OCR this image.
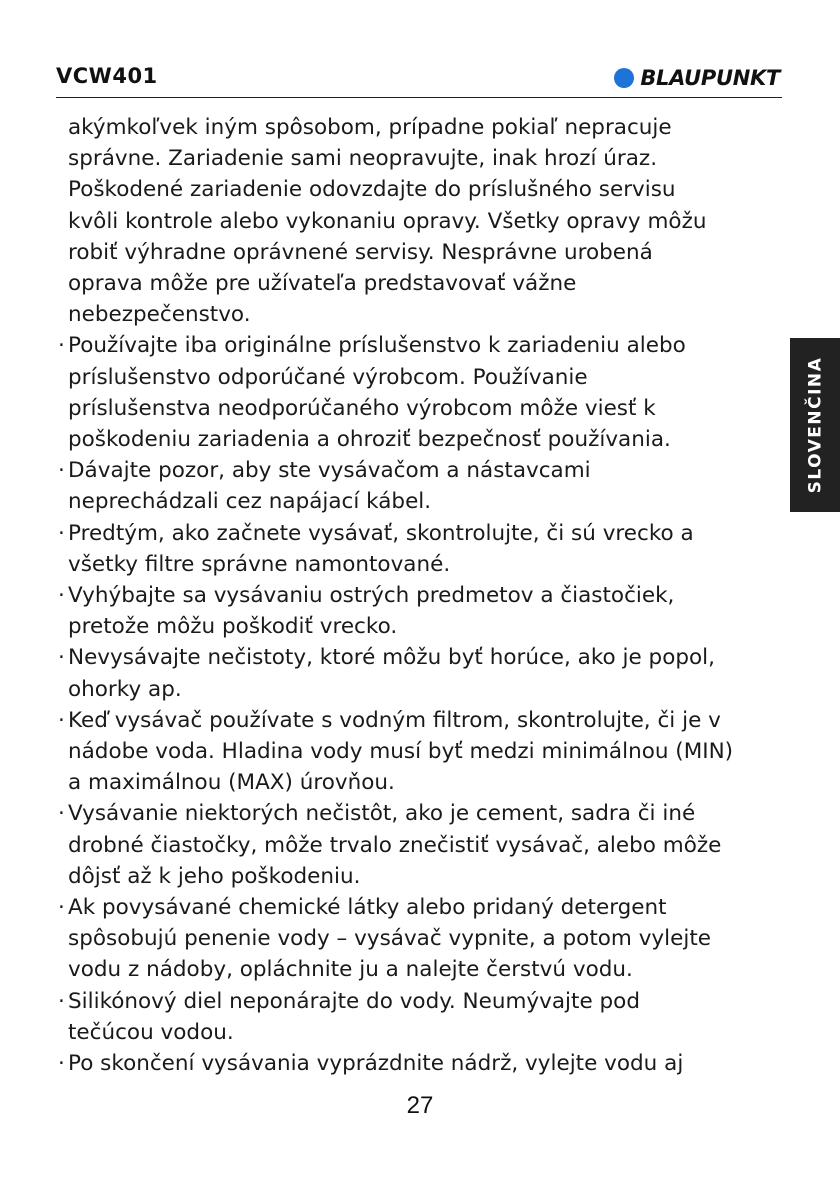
VCW401	BLAUPUNKT
SLOVENČINA

akýmkoľvek iným spôsobom, prípadne pokiaľ nepracuje
správne. Zariadenie sami neopravujte, inak hrozí úraz.
Poškodené zariadenie odovzdajte do príslušného servisu
kvôli kontrole alebo vykonaniu opravy. Všetky opravy môžu
robiť výhradne oprávnené servisy. Nesprávne urobená
oprava môže pre užívateľa predstavovať vážne
nebezpečenstvo.

· Používajte iba originálne príslušenstvo k zariadeniu alebo
príslušenstvo odporúčané výrobcom. Používanie
príslušenstva neodporúčaného výrobcom môže viesť k
poškodeniu zariadenia a ohroziť bezpečnosť používania.

· Dávajte pozor, aby ste vysávačom a nástavcami
neprechádzali cez napájací kábel.

· Predtým, ako začnete vysávať, skontrolujte, či sú vrecko a
všetky filtre správne namontované.

· Vyhýbajte sa vysávaniu ostrých predmetov a čiastočiek,
pretože môžu poškodiť vrecko.

· Nevysávajte nečistoty, ktoré môžu byť horúce, ako je popol,
ohorky ap.

· Keď vysávač používate s vodným filtrom, skontrolujte, či je v
nádobe voda. Hladina vody musí byť medzi minimálnou (MIN)
a maximálnou (MAX) úrovňou.

· Vysávanie niektorých nečistôt, ako je cement, sadra či iné
drobné čiastočky, môže trvalo znečistiť vysávač, alebo môže
dôjsť až k jeho poškodeniu.

· Ak povysávané chemické látky alebo pridaný detergent
spôsobujú penenie vody – vysávač vypnite, a potom vylejte
vodu z nádoby, opláchnite ju a nalejte čerstvú vodu.

· Silikónový diel neponárajte do vody. Neumývajte pod
tečúcou vodou.

· Po skončení vysávania vyprázdnite nádrž, vylejte vodu aj

27
